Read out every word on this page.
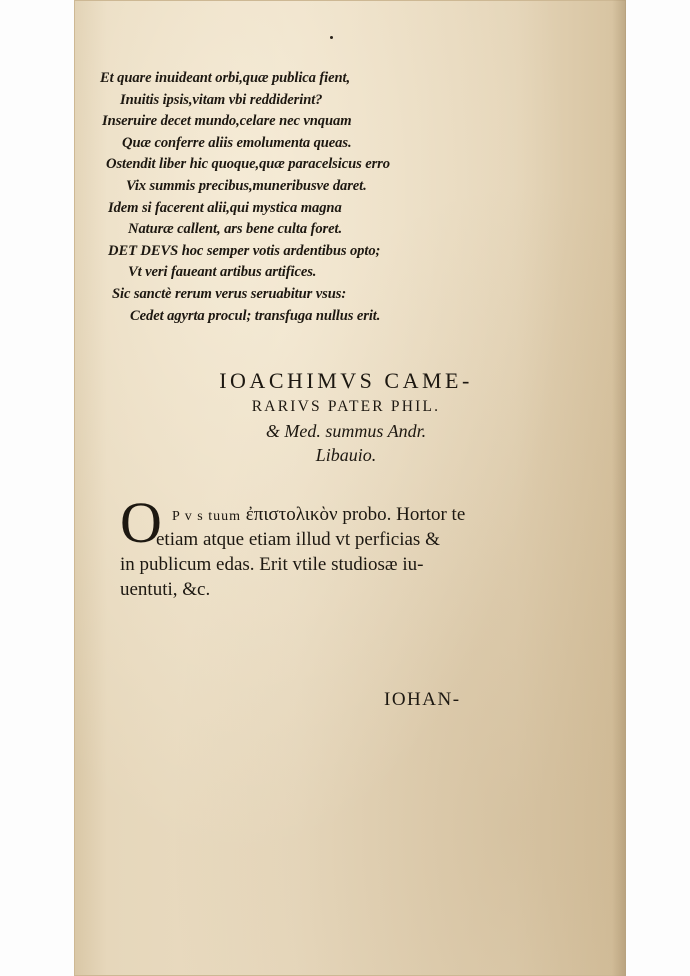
Et quare inuideant orbi,quæ publica fient,
Inuitis ipsis,vitam vbi reddiderint?
Inseruire decet mundo,celare nec vnquam
Quæ conferre aliis emolumenta queas.
Ostendit liber hic quoque,quæ paracelsicus erro
Vix summis precibus,muneribusve daret.
Idem si facerent alii,qui mystica magna
Naturæ callent, ars bene culta foret.
DET DEVS hoc semper votis ardentibus opto;
Vt veri faueant artibus artifices.
Sic sanctè rerum verus seruabitur vsus:
Cedet agyrta procul; transfuga nullus erit.
IOACHIMVS CAME-
RARIVS PATER PHIL.
& Med. summus Andr.
Libauio.
O P v s tuum ἐπιστολικὸν probo. Hortor te
etiam atque etiam illud vt perficias &
in publicum edas. Erit vtile studiosæ iu-
uentuti, &c.
IOHAN-
